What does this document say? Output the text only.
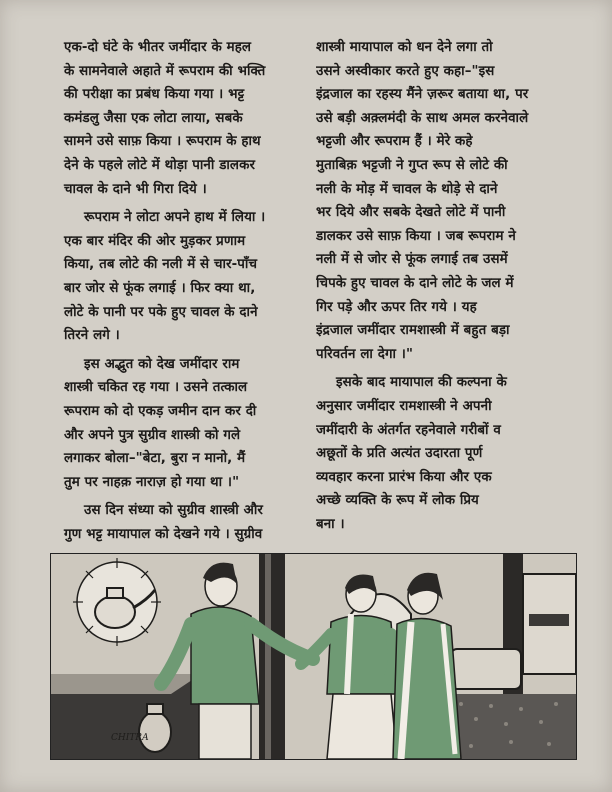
एक-दो घंटे के भीतर जमींदार के महल
के सामनेवाले अहाते में रूपराम की भक्ति
की परीक्षा का प्रबंध किया गया । भट्ट
कमंडलु जैसा एक लोटा लाया, सबके
सामने उसे साफ़ किया । रूपराम के हाथ
देने के पहले लोटे में थोड़ा पानी डालकर
चावल के दाने भी गिरा दिये ।

रूपराम ने लोटा अपने हाथ में लिया ।
एक बार मंदिर की ओर मुड़कर प्रणाम
किया, तब लोटे की नली में से चार-पाँच
बार जोर से फूंक लगाई । फिर क्या था,
लोटे के पानी पर पके हुए चावल के दाने
तिरने लगे ।

इस अद्भुत को देख जमींदार राम
शास्त्री चकित रह गया । उसने तत्काल
रूपराम को दो एकड़ जमीन दान कर दी
और अपने पुत्र सुग्रीव शास्त्री को गले
लगाकर बोला–"बेटा, बुरा न मानो, मैं
तुम पर नाहक़ नाराज़ हो गया था ।"

उस दिन संध्या को सुग्रीव शास्त्री और
गुण भट्ट मायापाल को देखने गये । सुग्रीव

शास्त्री मायापाल को धन देने लगा तो
उसने अस्वीकार करते हुए कहा–"इस
इंद्रजाल का रहस्य मैंने ज़रूर बताया था, पर
उसे बड़ी अक़्लमंदी के साथ अमल करनेवाले
भट्टजी और रूपराम हैं । मेरे कहे
मुताबिक़ भट्टजी ने गुप्त रूप से लोटे की
नली के मोड़ में चावल के थोड़े से दाने
भर दिये और सबके देखते लोटे में पानी
डालकर उसे साफ़ किया । जब रूपराम ने
नली में से जोर से फूंक लगाई तब उसमें
चिपके हुए चावल के दाने लोटे के जल में
गिर पड़े और ऊपर तिर गये । यह
इंद्रजाल जमींदार रामशास्त्री में बहुत बड़ा
परिवर्तन ला देगा ।"

इसके बाद मायापाल की कल्पना के
अनुसार जमींदार रामशास्त्री ने अपनी
जमींदारी के अंतर्गत रहनेवाले गरीबों व
अछूतों के प्रति अत्यंत उदारता पूर्ण
व्यवहार करना प्रारंभ किया और एक
अच्छे व्यक्ति के रूप में लोक प्रिय
बना ।

CHITRA
